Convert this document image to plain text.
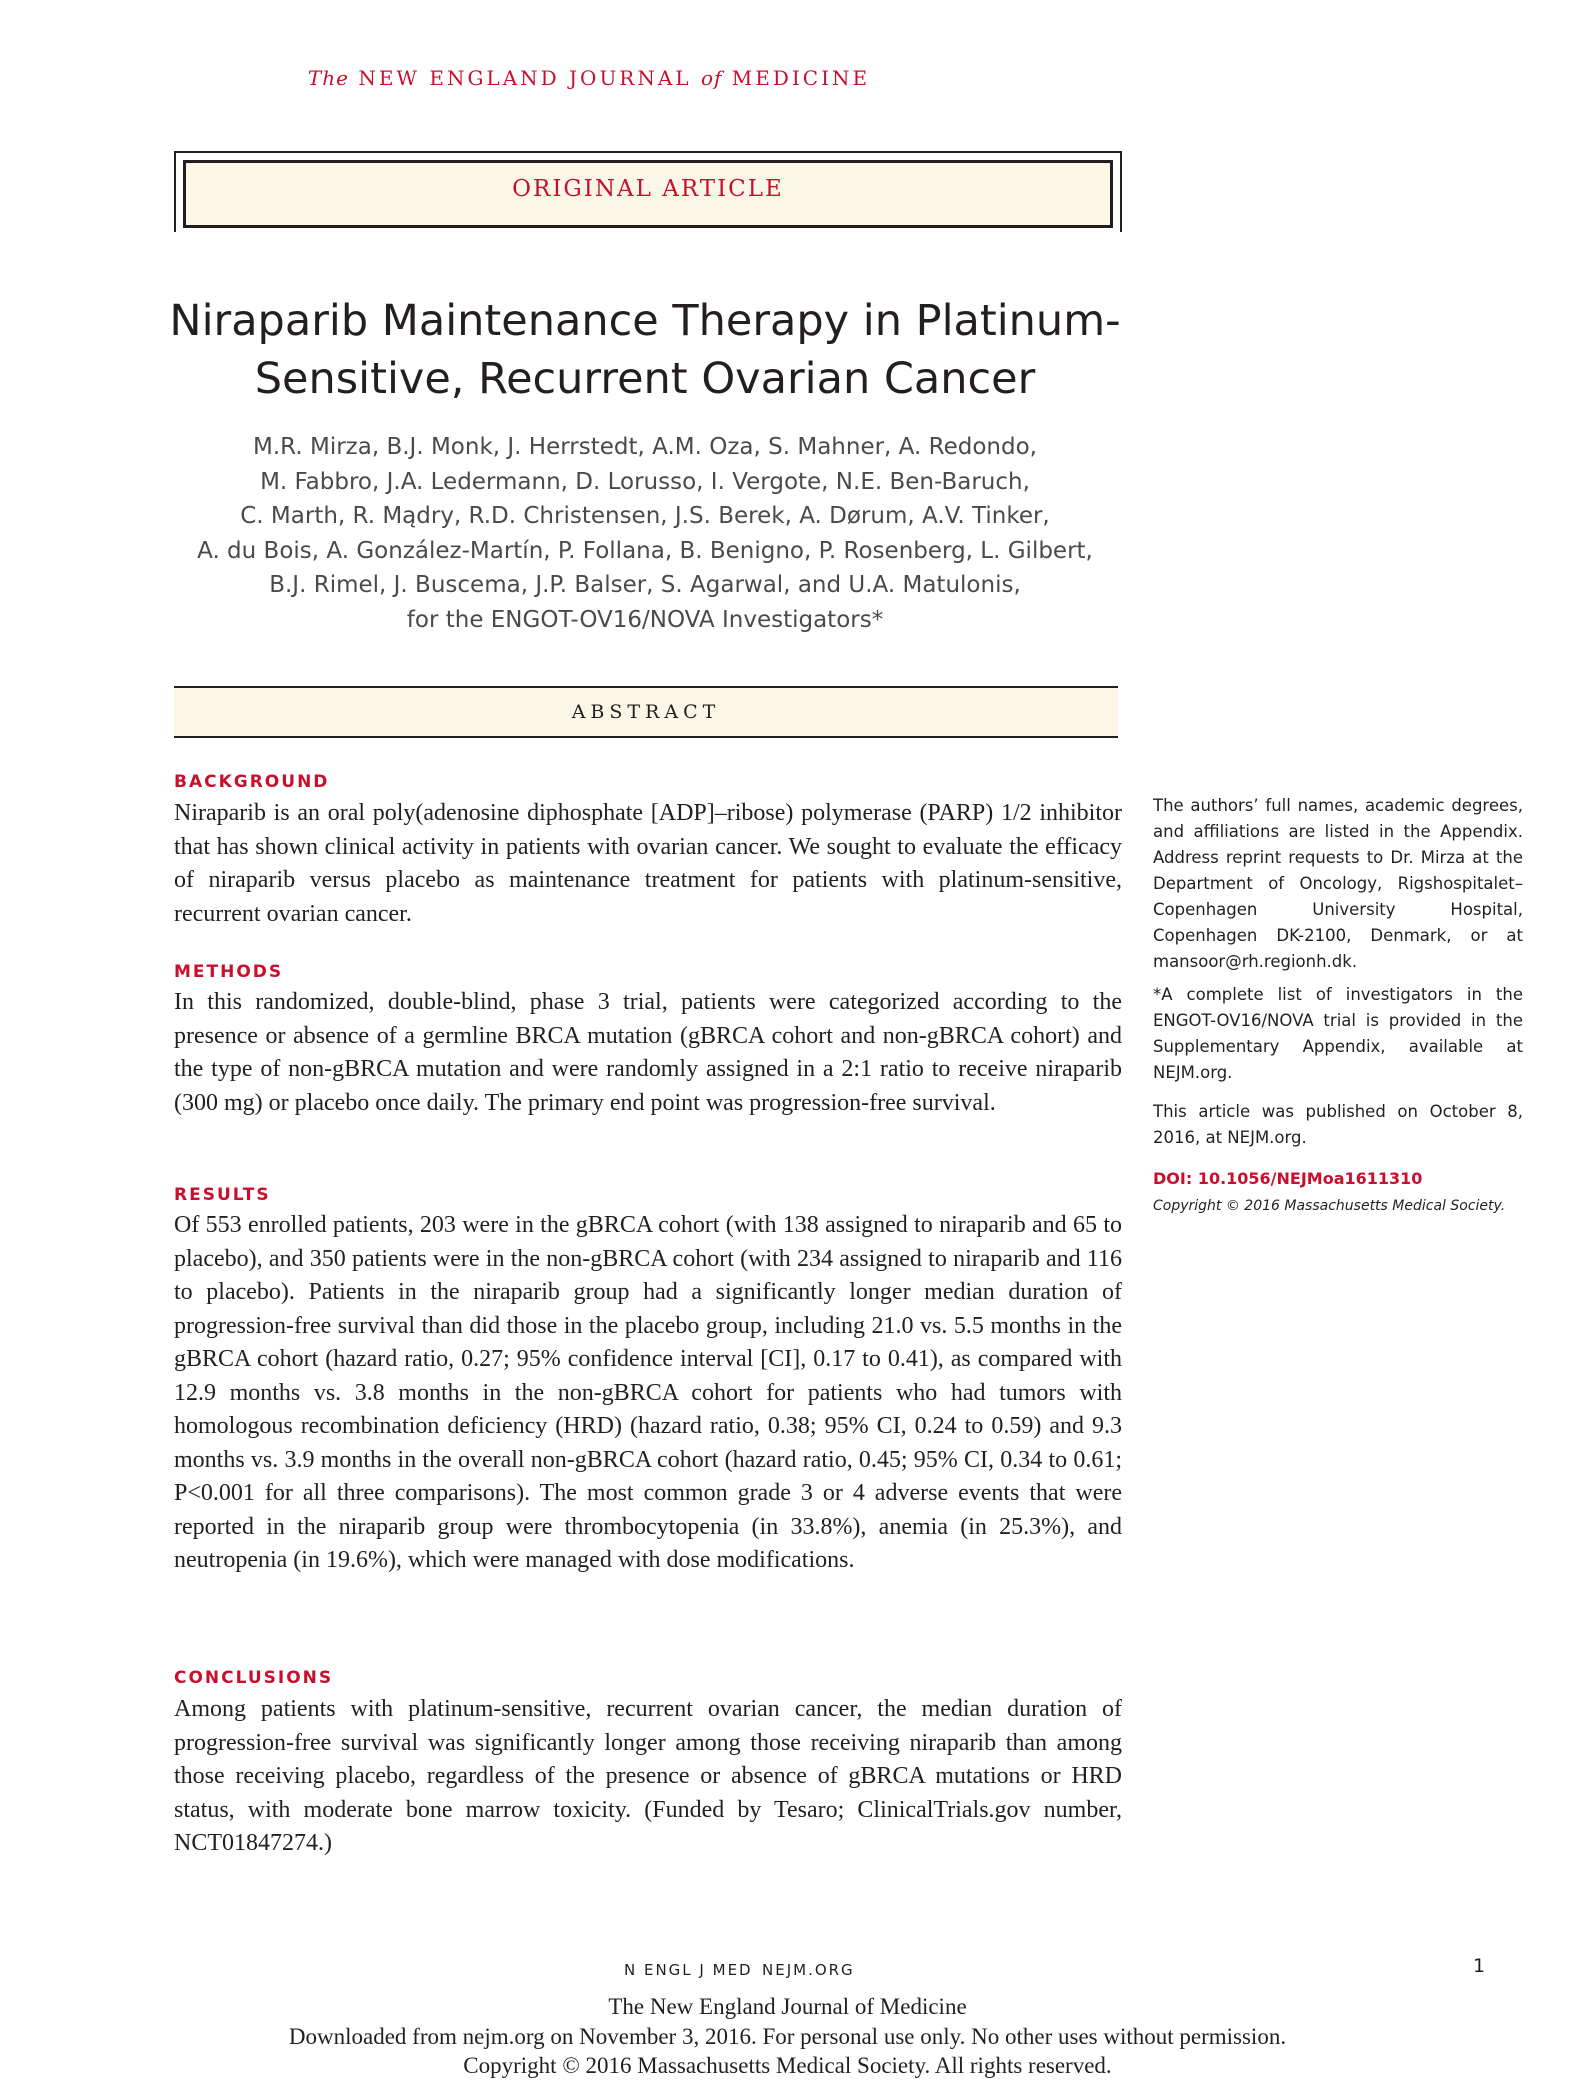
The NEW ENGLAND JOURNAL of MEDICINE
ORIGINAL ARTICLE
Niraparib Maintenance Therapy in Platinum-
Sensitive, Recurrent Ovarian Cancer
M.R. Mirza, B.J. Monk, J. Herrstedt, A.M. Oza, S. Mahner, A. Redondo,
M. Fabbro, J.A. Ledermann, D. Lorusso, I. Vergote, N.E. Ben-Baruch,
C. Marth, R. Mądry, R.D. Christensen, J.S. Berek, A. Dørum, A.V. Tinker,
A. du Bois, A. González-Martín, P. Follana, B. Benigno, P. Rosenberg, L. Gilbert,
B.J. Rimel, J. Buscema, J.P. Balser, S. Agarwal, and U.A. Matulonis,
for the ENGOT-OV16/NOVA Investigators*
ABSTRACT
BACKGROUND
Niraparib is an oral poly(adenosine diphosphate [ADP]–ribose) polymerase (PARP) 1/2 inhibitor that has shown clinical activity in patients with ovarian cancer. We sought to evaluate the efficacy of niraparib versus placebo as maintenance treatment for patients with platinum-sensitive, recurrent ovarian cancer.
METHODS
In this randomized, double-blind, phase 3 trial, patients were categorized according to the presence or absence of a germline BRCA mutation (gBRCA cohort and non-gBRCA cohort) and the type of non-gBRCA mutation and were randomly assigned in a 2:1 ratio to receive niraparib (300 mg) or placebo once daily. The primary end point was progression-free survival.
RESULTS
Of 553 enrolled patients, 203 were in the gBRCA cohort (with 138 assigned to niraparib and 65 to placebo), and 350 patients were in the non-gBRCA cohort (with 234 assigned to niraparib and 116 to placebo). Patients in the niraparib group had a significantly longer median duration of progression-free survival than did those in the placebo group, including 21.0 vs. 5.5 months in the gBRCA cohort (hazard ratio, 0.27; 95% confidence interval [CI], 0.17 to 0.41), as compared with 12.9 months vs. 3.8 months in the non-gBRCA cohort for patients who had tumors with homologous recombination deficiency (HRD) (hazard ratio, 0.38; 95% CI, 0.24 to 0.59) and 9.3 months vs. 3.9 months in the overall non-gBRCA cohort (hazard ratio, 0.45; 95% CI, 0.34 to 0.61; P<0.001 for all three comparisons). The most common grade 3 or 4 adverse events that were reported in the niraparib group were thrombocytopenia (in 33.8%), anemia (in 25.3%), and neutropenia (in 19.6%), which were managed with dose modifications.
CONCLUSIONS
Among patients with platinum-sensitive, recurrent ovarian cancer, the median duration of progression-free survival was significantly longer among those receiving niraparib than among those receiving placebo, regardless of the presence or absence of gBRCA mutations or HRD status, with moderate bone marrow toxicity. (Funded by Tesaro; ClinicalTrials.gov number, NCT01847274.)
The authors’ full names, academic degrees, and affiliations are listed in the Appendix. Address reprint requests to Dr. Mirza at the Department of Oncology, Rigshospitalet–Copenhagen University Hospital, Copenhagen DK-2100, Denmark, or at mansoor@rh.regionh.dk.
*A complete list of investigators in the ENGOT-OV16/NOVA trial is provided in the Supplementary Appendix, available at NEJM.org.
This article was published on October 8, 2016, at NEJM.org.
DOI: 10.1056/NEJMoa1611310
Copyright © 2016 Massachusetts Medical Society.
N ENGL J MED NEJM.ORG	1
The New England Journal of Medicine
Downloaded from nejm.org on November 3, 2016. For personal use only. No other uses without permission.
Copyright © 2016 Massachusetts Medical Society. All rights reserved.
